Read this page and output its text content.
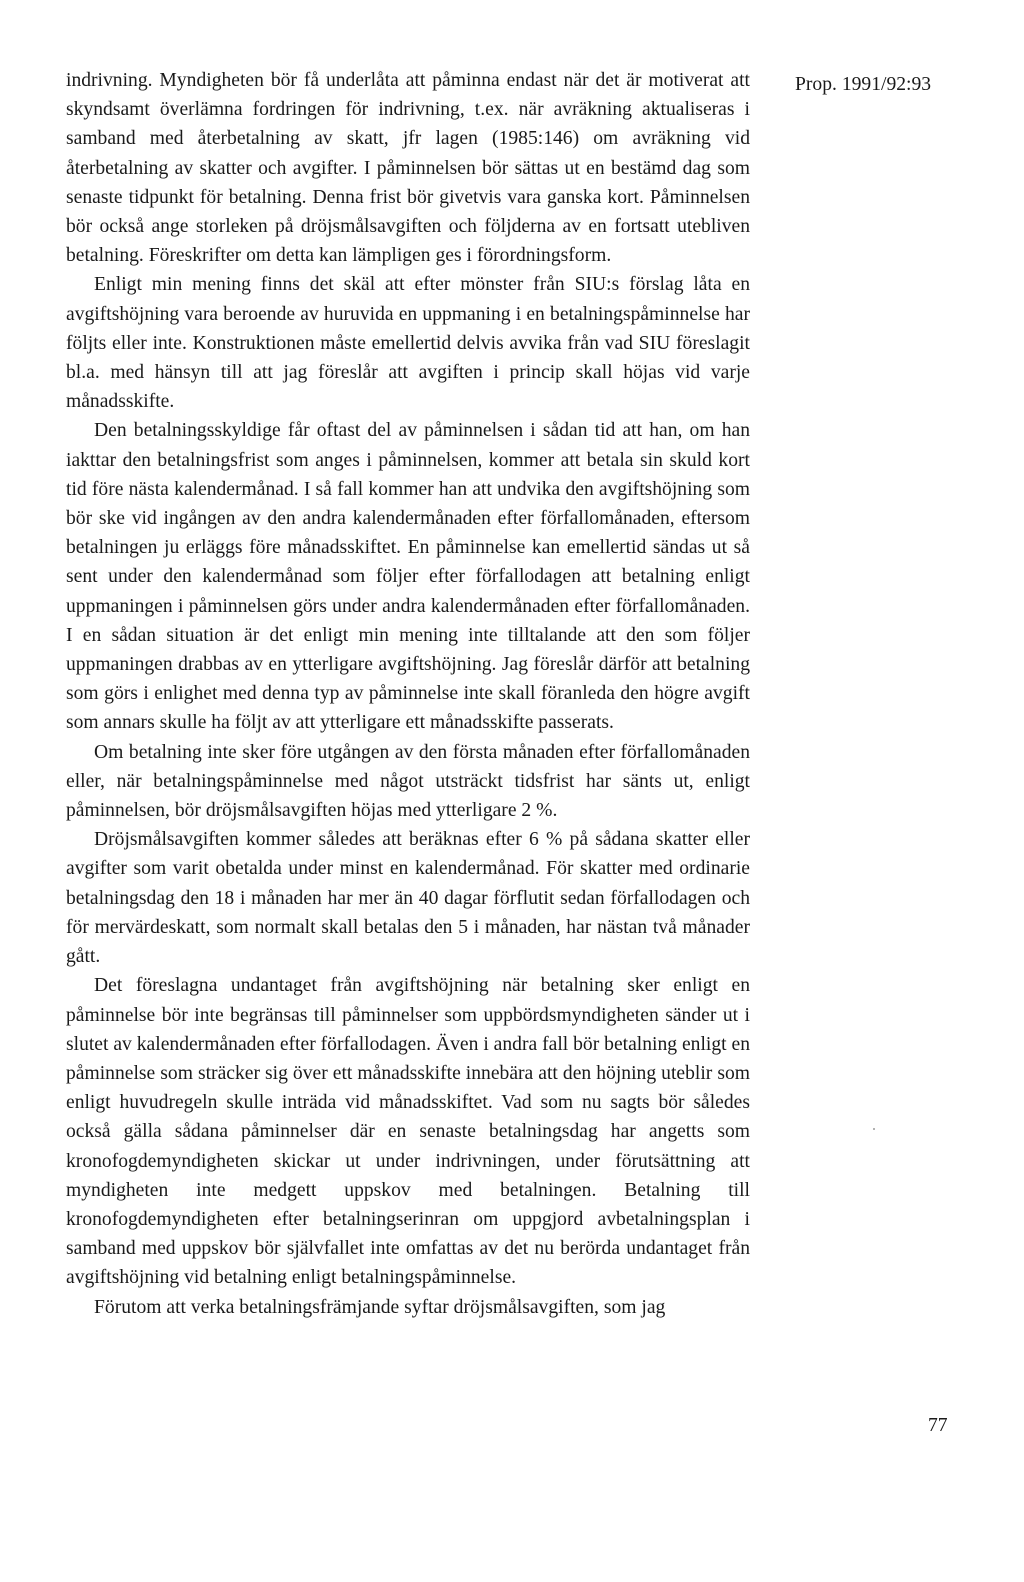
Prop. 1991/92:93

indrivning. Myndigheten bör få underlåta att påminna endast när det är motiverat att skyndsamt överlämna fordringen för indrivning, t.ex. när avräkning aktualiseras i samband med återbetalning av skatt, jfr lagen (1985:146) om avräkning vid återbetalning av skatter och avgifter. I påminnelsen bör sättas ut en bestämd dag som senaste tidpunkt för betalning. Denna frist bör givetvis vara ganska kort. Påminnelsen bör också ange storleken på dröjsmålsavgiften och följderna av en fortsatt utebliven betalning. Föreskrifter om detta kan lämpligen ges i förordningsform.

Enligt min mening finns det skäl att efter mönster från SIU:s förslag låta en avgiftshöjning vara beroende av huruvida en uppmaning i en betalningspåminnelse har följts eller inte. Konstruktionen måste emellertid delvis avvika från vad SIU föreslagit bl.a. med hänsyn till att jag föreslår att avgiften i princip skall höjas vid varje månadsskifte.

Den betalningsskyldige får oftast del av påminnelsen i sådan tid att han, om han iakttar den betalningsfrist som anges i påminnelsen, kommer att betala sin skuld kort tid före nästa kalendermånad. I så fall kommer han att undvika den avgiftshöjning som bör ske vid ingången av den andra kalendermånaden efter förfallomånaden, eftersom betalningen ju erläggs före månadsskiftet. En påminnelse kan emellertid sändas ut så sent under den kalendermånad som följer efter förfallodagen att betalning enligt uppmaningen i påminnelsen görs under andra kalendermånaden efter förfallomånaden. I en sådan situation är det enligt min mening inte tilltalande att den som följer uppmaningen drabbas av en ytterligare avgiftshöjning. Jag föreslår därför att betalning som görs i enlighet med denna typ av påminnelse inte skall föranleda den högre avgift som annars skulle ha följt av att ytterligare ett månadsskifte passerats.

Om betalning inte sker före utgången av den första månaden efter förfallomånaden eller, när betalningspåminnelse med något utsträckt tidsfrist har sänts ut, enligt påminnelsen, bör dröjsmålsavgiften höjas med ytterligare 2 %.

Dröjsmålsavgiften kommer således att beräknas efter 6 % på sådana skatter eller avgifter som varit obetalda under minst en kalendermånad. För skatter med ordinarie betalningsdag den 18 i månaden har mer än 40 dagar förflutit sedan förfallodagen och för mervärdeskatt, som normalt skall betalas den 5 i månaden, har nästan två månader gått.

Det föreslagna undantaget från avgiftshöjning när betalning sker enligt en påminnelse bör inte begränsas till påminnelser som uppbördsmyndigheten sänder ut i slutet av kalendermånaden efter förfallodagen. Även i andra fall bör betalning enligt en påminnelse som sträcker sig över ett månadsskifte innebära att den höjning uteblir som enligt huvudregeln skulle inträda vid månadsskiftet. Vad som nu sagts bör således också gälla sådana påminnelser där en senaste betalningsdag har angetts som kronofogdemyndigheten skickar ut under indrivningen, under förutsättning att myndigheten inte medgett uppskov med betalningen. Betalning till kronofogdemyndigheten efter betalningserinran om uppgjord avbetalningsplan i samband med uppskov bör självfallet inte omfattas av det nu berörda undantaget från avgiftshöjning vid betalning enligt betalningspåminnelse.

Förutom att verka betalningsfrämjande syftar dröjsmålsavgiften, som jag

77
